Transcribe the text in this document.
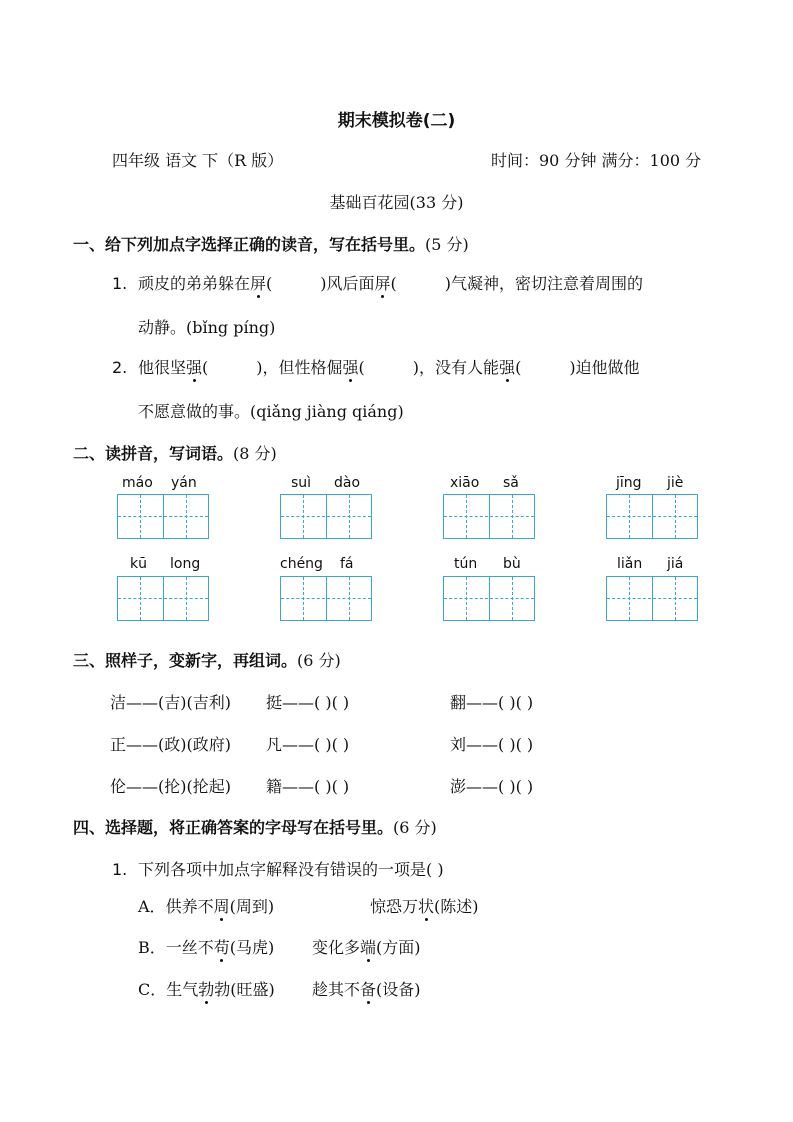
期末模拟卷(二)
四年级 语文 下（R 版）	时间：90 分钟 满分：100 分
基础百花园(33 分)
一、给下列加点字选择正确的读音，写在括号里。(5 分)
1. 顽皮的弟弟躲在屏(	)风后面屏(	)气凝神，密切注意着周围的
动静。(bǐng píng)
2. 他很坚强(	)，但性格倔强(	)，没有人能强(	)迫他做他
不愿意做的事。(qiǎng jiàng qiáng)
二、读拼音，写词语。(8 分)
máo yán	suì dào	xiāo sǎ	jīng jiè
kū long	chéng fá	tún bù	liǎn jiá
三、照样子，变新字，再组词。(6 分)
洁——(吉)(吉利) 挺——( )( )	翻——( )( )
正——(政)(政府) 凡——( )( )	刘——( )( )
伦——(抡)(抡起) 籍——( )( )	澎——( )( )
四、选择题，将正确答案的字母写在括号里。(6 分)
1. 下列各项中加点字解释没有错误的一项是( )
A．供养不周(周到)	惊恐万状(陈述)
B．一丝不苟(马虎) 变化多端(方面)
C．生气勃勃(旺盛) 趁其不备(设备)
